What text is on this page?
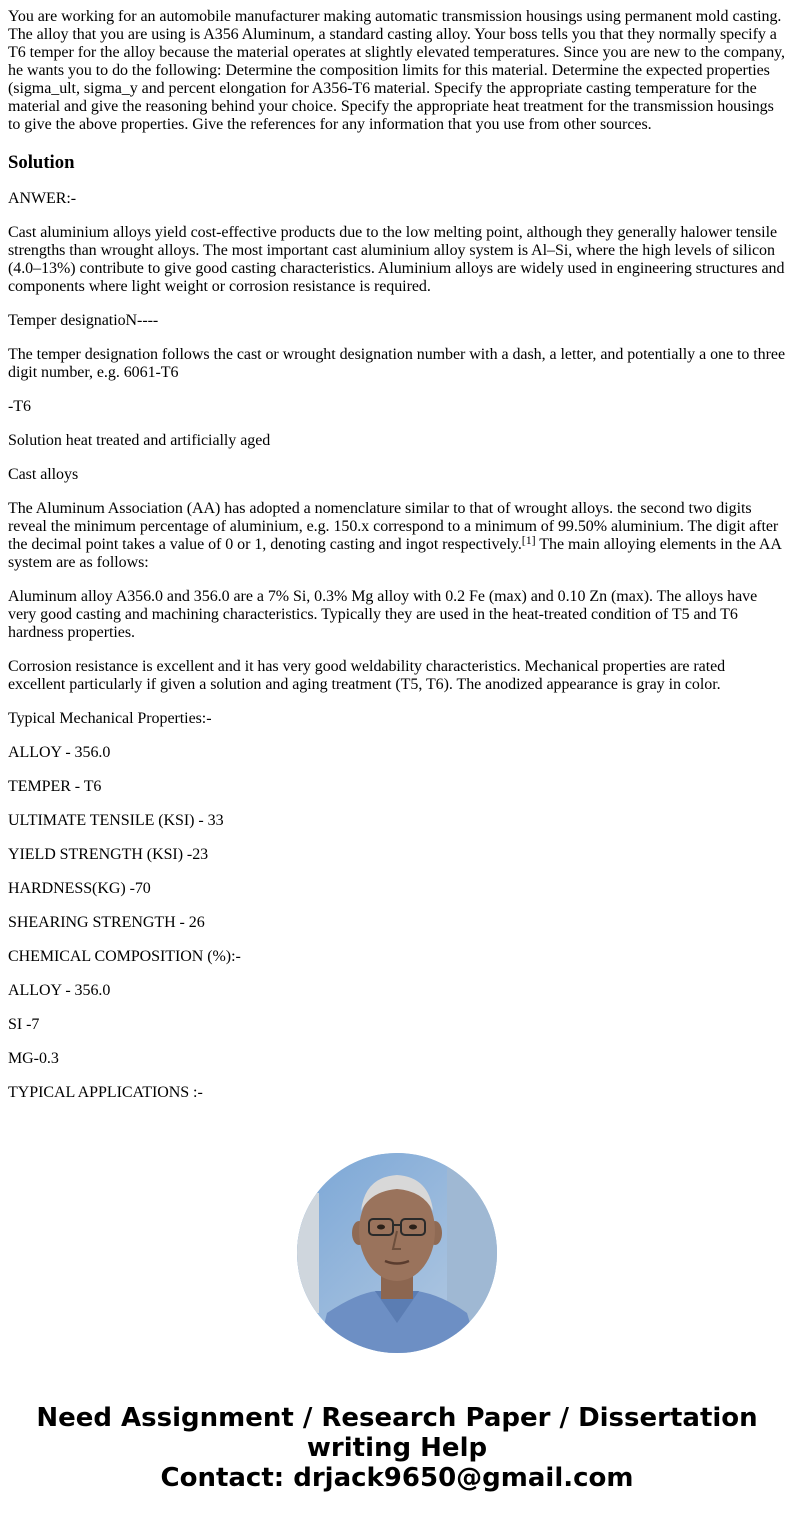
You are working for an automobile manufacturer making automatic transmission housings using permanent mold casting. The alloy that you are using is A356 Aluminum, a standard casting alloy. Your boss tells you that they normally specify a T6 temper for the alloy because the material operates at slightly elevated temperatures. Since you are new to the company, he wants you to do the following: Determine the composition limits for this material. Determine the expected properties (sigma_ult, sigma_y and percent elongation for A356-T6 material. Specify the appropriate casting temperature for the material and give the reasoning behind your choice. Specify the appropriate heat treatment for the transmission housings to give the above properties. Give the references for any information that you use from other sources.

Solution

ANWER:-

Cast aluminium alloys yield cost-effective products due to the low melting point, although they generally halower tensile strengths than wrought alloys. The most important cast aluminium alloy system is Al–Si, where the high levels of silicon (4.0–13%) contribute to give good casting characteristics. Aluminium alloys are widely used in engineering structures and components where light weight or corrosion resistance is required.

Temper designatioN----

The temper designation follows the cast or wrought designation number with a dash, a letter, and potentially a one to three digit number, e.g. 6061-T6

-T6

Solution heat treated and artificially aged

Cast alloys

The Aluminum Association (AA) has adopted a nomenclature similar to that of wrought alloys. the second two digits reveal the minimum percentage of aluminium, e.g. 150.x correspond to a minimum of 99.50% aluminium. The digit after the decimal point takes a value of 0 or 1, denoting casting and ingot respectively.[1] The main alloying elements in the AA system are as follows:

Aluminum alloy A356.0 and 356.0 are a 7% Si, 0.3% Mg alloy with 0.2 Fe (max) and 0.10 Zn (max). The alloys have very good casting and machining characteristics. Typically they are used in the heat-treated condition of T5 and T6 hardness properties.

Corrosion resistance is excellent and it has very good weldability characteristics. Mechanical properties are rated excellent particularly if given a solution and aging treatment (T5, T6). The anodized appearance is gray in color.

Typical Mechanical Properties:-

ALLOY - 356.0

TEMPER - T6

ULTIMATE TENSILE (KSI) - 33

YIELD STRENGTH (KSI) -23

HARDNESS(KG) -70

SHEARING STRENGTH - 26

CHEMICAL COMPOSITION (%):-

ALLOY - 356.0

SI -7

MG-0.3

TYPICAL APPLICATIONS :-

Need Assignment / Research Paper / Dissertation
writing Help
Contact: drjack9650@gmail.com
